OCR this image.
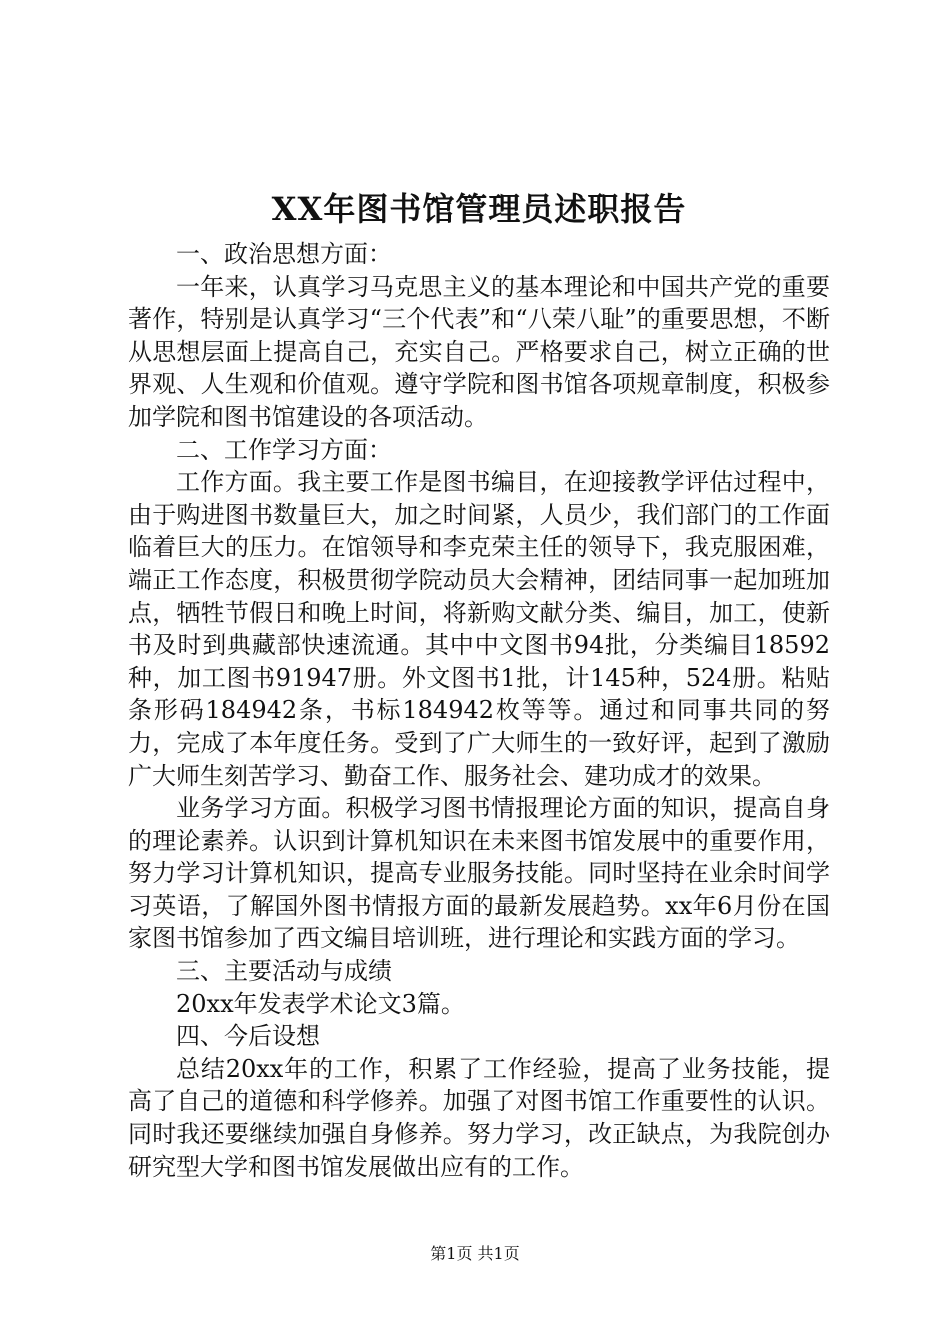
XX年图书馆管理员述职报告

一、政治思想方面：

一年来，认真学习马克思主义的基本理论和中国共产党的重要著作，特别是认真学习“三个代表”和“八荣八耻”的重要思想，不断从思想层面上提高自己，充实自己。严格要求自己，树立正确的世界观、人生观和价值观。遵守学院和图书馆各项规章制度，积极参加学院和图书馆建设的各项活动。

二、工作学习方面：

工作方面。我主要工作是图书编目，在迎接教学评估过程中，由于购进图书数量巨大，加之时间紧，人员少，我们部门的工作面临着巨大的压力。在馆领导和李克荣主任的领导下，我克服困难，端正工作态度，积极贯彻学院动员大会精神，团结同事一起加班加点，牺牲节假日和晚上时间，将新购文献分类、编目，加工，使新书及时到典藏部快速流通。其中中文图书94批，分类编目18592种，加工图书91947册。外文图书1批，计145种，524册。粘贴条形码184942条，书标184942枚等等。通过和同事共同的努力，完成了本年度任务。受到了广大师生的一致好评，起到了激励广大师生刻苦学习、勤奋工作、服务社会、建功成才的效果。

业务学习方面。积极学习图书情报理论方面的知识，提高自身的理论素养。认识到计算机知识在未来图书馆发展中的重要作用，努力学习计算机知识，提高专业服务技能。同时坚持在业余时间学习英语，了解国外图书情报方面的最新发展趋势。xx年6月份在国家图书馆参加了西文编目培训班，进行理论和实践方面的学习。

三、主要活动与成绩

20xx年发表学术论文3篇。

四、今后设想

总结20xx年的工作，积累了工作经验，提高了业务技能，提高了自己的道德和科学修养。加强了对图书馆工作重要性的认识。同时我还要继续加强自身修养。努力学习，改正缺点，为我院创办研究型大学和图书馆发展做出应有的工作。

第1页 共1页
